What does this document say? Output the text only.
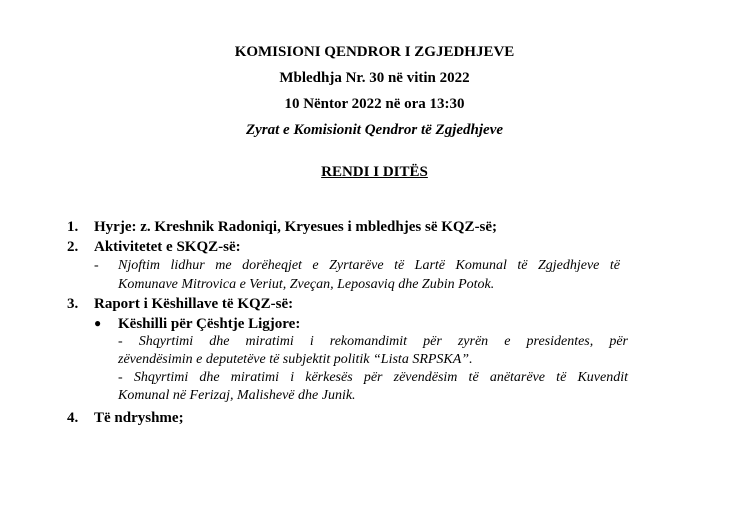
KOMISIONI QENDROR I ZGJEDHJEVE
Mbledhja Nr. 30 në vitin 2022
10 Nëntor 2022 në ora 13:30
Zyrat e Komisionit Qendror të Zgjedhjeve
RENDI I DITËS
1. Hyrje: z. Kreshnik Radoniqi, Kryesues i mbledhjes së KQZ-së;
2. Aktivitetet e SKQZ-së:
- Njoftim lidhur me dorëheqjet e Zyrtarëve të Lartë Komunal të Zgjedhjeve të
Komunave Mitrovica e Veriut, Zveçan, Leposaviq dhe Zubin Potok.
3. Raport i Këshillave të KQZ-së:
● Këshilli për Çështje Ligjore:
- Shqyrtimi dhe miratimi i rekomandimit për zyrën e presidentes, për
zëvendësimin e deputetëve të subjektit politik “Lista SRPSKA”.
- Shqyrtimi dhe miratimi i kërkesës për zëvendësim të anëtarëve të Kuvendit
Komunal në Ferizaj, Malishevë dhe Junik.
4. Të ndryshme;
